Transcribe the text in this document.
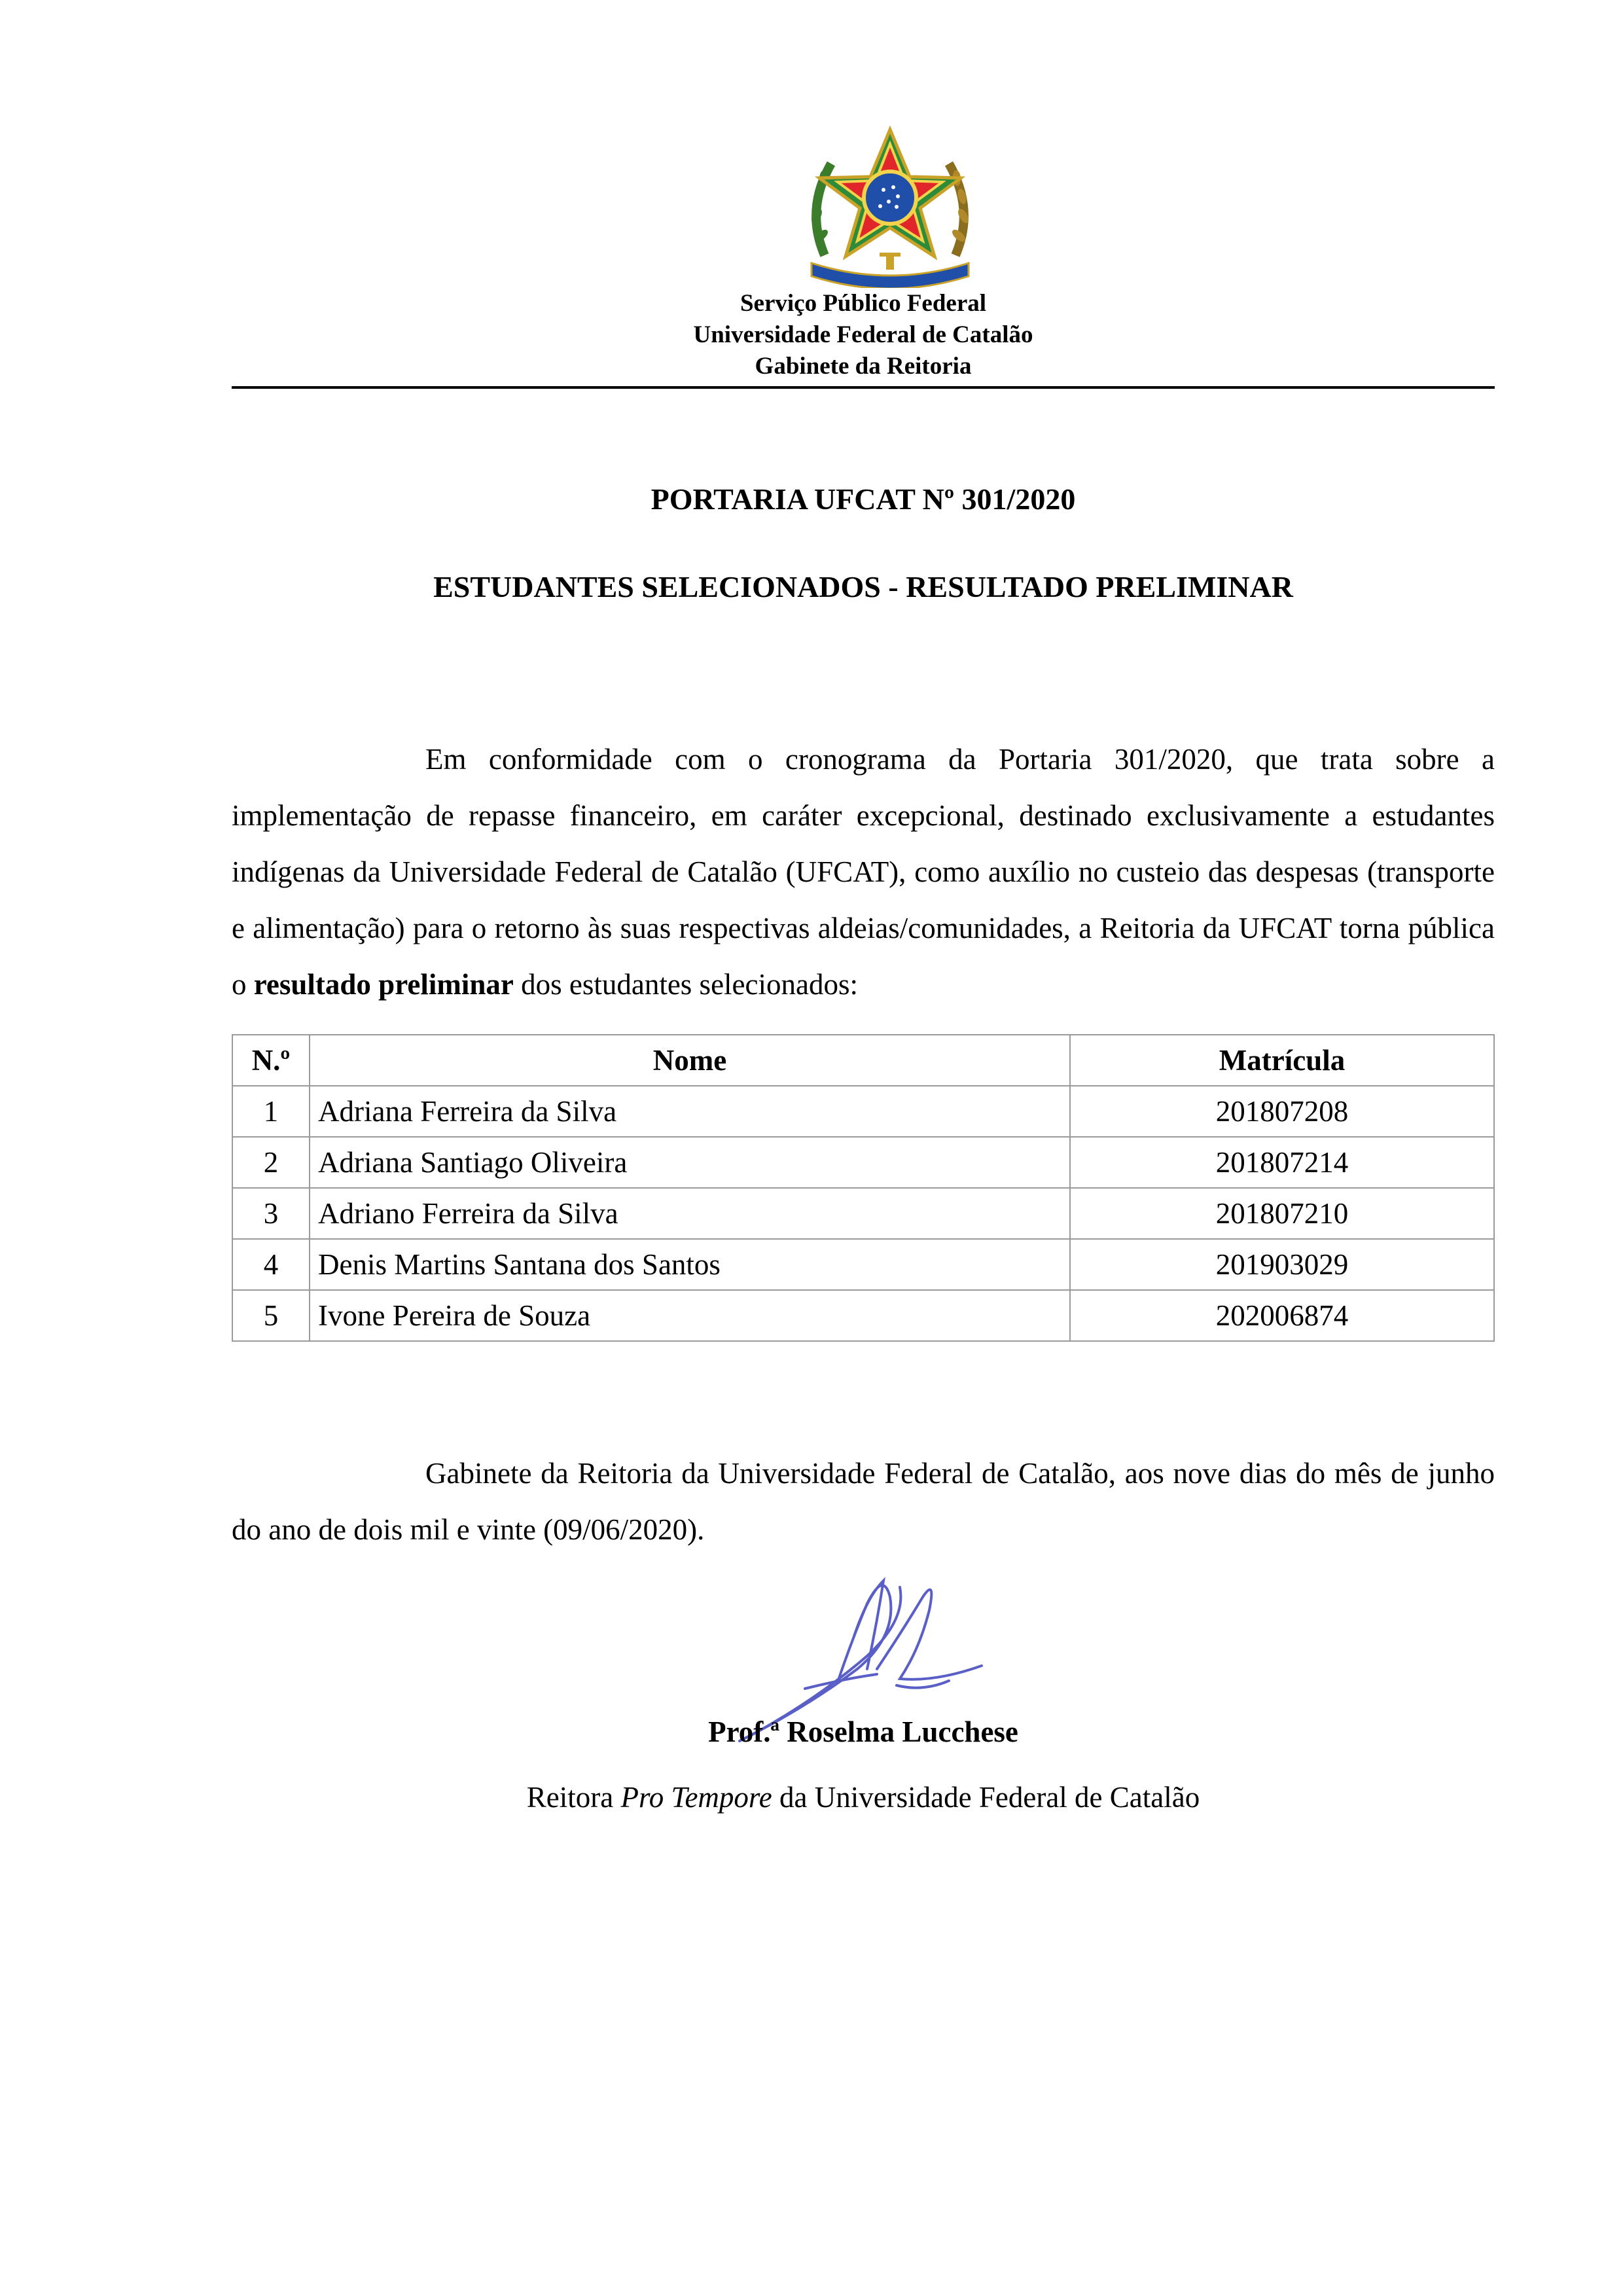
Serviço Público Federal
Universidade Federal de Catalão
Gabinete da Reitoria
PORTARIA UFCAT Nº 301/2020
ESTUDANTES SELECIONADOS - RESULTADO PRELIMINAR

Em conformidade com o cronograma da Portaria 301/2020, que trata sobre a implementação de repasse financeiro, em caráter excepcional, destinado exclusivamente a estudantes indígenas da Universidade Federal de Catalão (UFCAT), como auxílio no custeio das despesas (transporte e alimentação) para o retorno às suas respectivas aldeias/comunidades, a Reitoria da UFCAT torna pública o resultado preliminar dos estudantes selecionados:

N.º	Nome	Matrícula
1	Adriana Ferreira da Silva	201807208
2	Adriana Santiago Oliveira	201807214
3	Adriano Ferreira da Silva	201807210
4	Denis Martins Santana dos Santos	201903029
5	Ivone Pereira de Souza	202006874

Gabinete da Reitoria da Universidade Federal de Catalão, aos nove dias do mês de junho do ano de dois mil e vinte (09/06/2020).

Prof.ª Roselma Lucchese
Reitora Pro Tempore da Universidade Federal de Catalão
